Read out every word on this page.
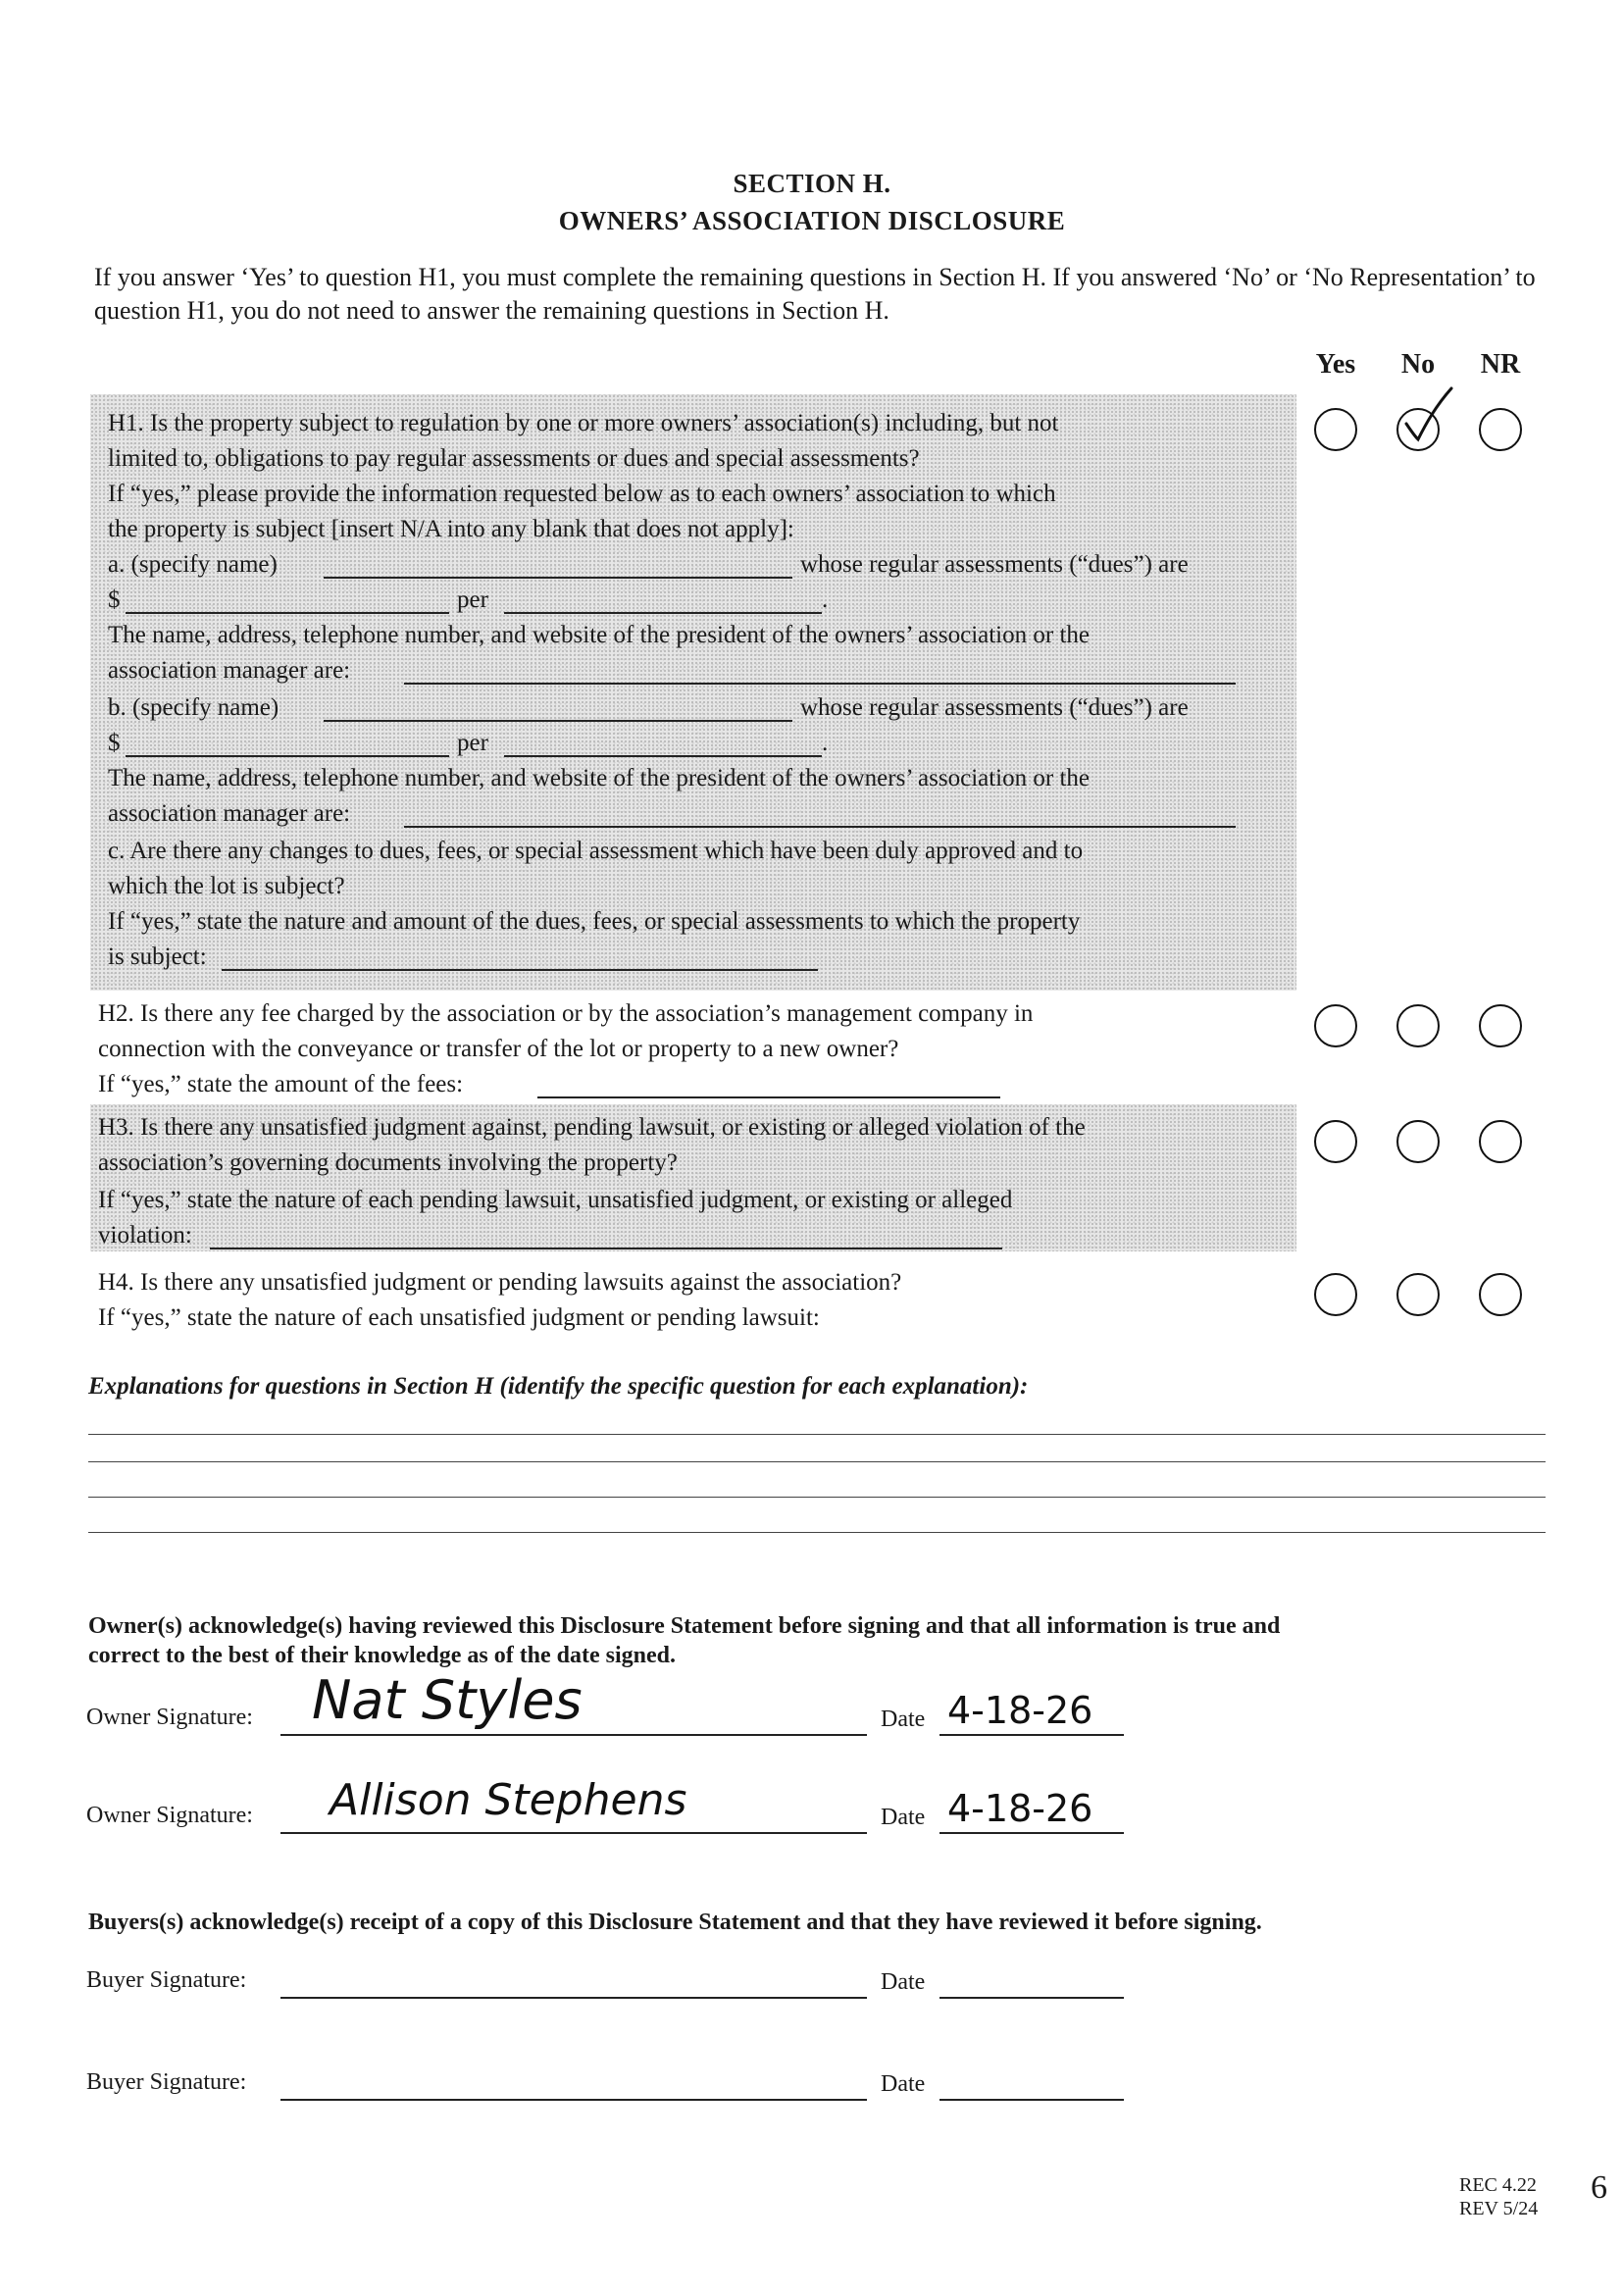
SECTION H.
OWNERS’ ASSOCIATION DISCLOSURE
If you answer ‘Yes’ to question H1, you must complete the remaining questions in Section H. If you answered ‘No’ or ‘No Representation’ to question H1, you do not need to answer the remaining questions in Section H.
Yes	No	NR
H1. Is the property subject to regulation by one or more owners’ association(s) including, but not
limited to, obligations to pay regular assessments or dues and special assessments?
If “yes,” please provide the information requested below as to each owners’ association to which
the property is subject [insert N/A into any blank that does not apply]:
a. (specify name)	whose regular assessments (“dues”) are
$	per	.
The name, address, telephone number, and website of the president of the owners’ association or the
association manager are:
b. (specify name)	whose regular assessments (“dues”) are
$	per	.
The name, address, telephone number, and website of the president of the owners’ association or the
association manager are:
c. Are there any changes to dues, fees, or special assessment which have been duly approved and to
which the lot is subject?
If “yes,” state the nature and amount of the dues, fees, or special assessments to which the property
is subject:
H2. Is there any fee charged by the association or by the association’s management company in
connection with the conveyance or transfer of the lot or property to a new owner?
If “yes,” state the amount of the fees:
H3. Is there any unsatisfied judgment against, pending lawsuit, or existing or alleged violation of the
association’s governing documents involving the property?
If “yes,” state the nature of each pending lawsuit, unsatisfied judgment, or existing or alleged
violation:
H4. Is there any unsatisfied judgment or pending lawsuits against the association?
If “yes,” state the nature of each unsatisfied judgment or pending lawsuit:
Explanations for questions in Section H (identify the specific question for each explanation):
Owner(s) acknowledge(s) having reviewed this Disclosure Statement before signing and that all information is true and
correct to the best of their knowledge as of the date signed.
Owner Signature: Nat Styles	Date 4-18-26
Owner Signature: Allison Stephens	Date 4-18-26
Buyers(s) acknowledge(s) receipt of a copy of this Disclosure Statement and that they have reviewed it before signing.
Buyer Signature:	Date
Buyer Signature:	Date
REC 4.22
REV 5/24
6
